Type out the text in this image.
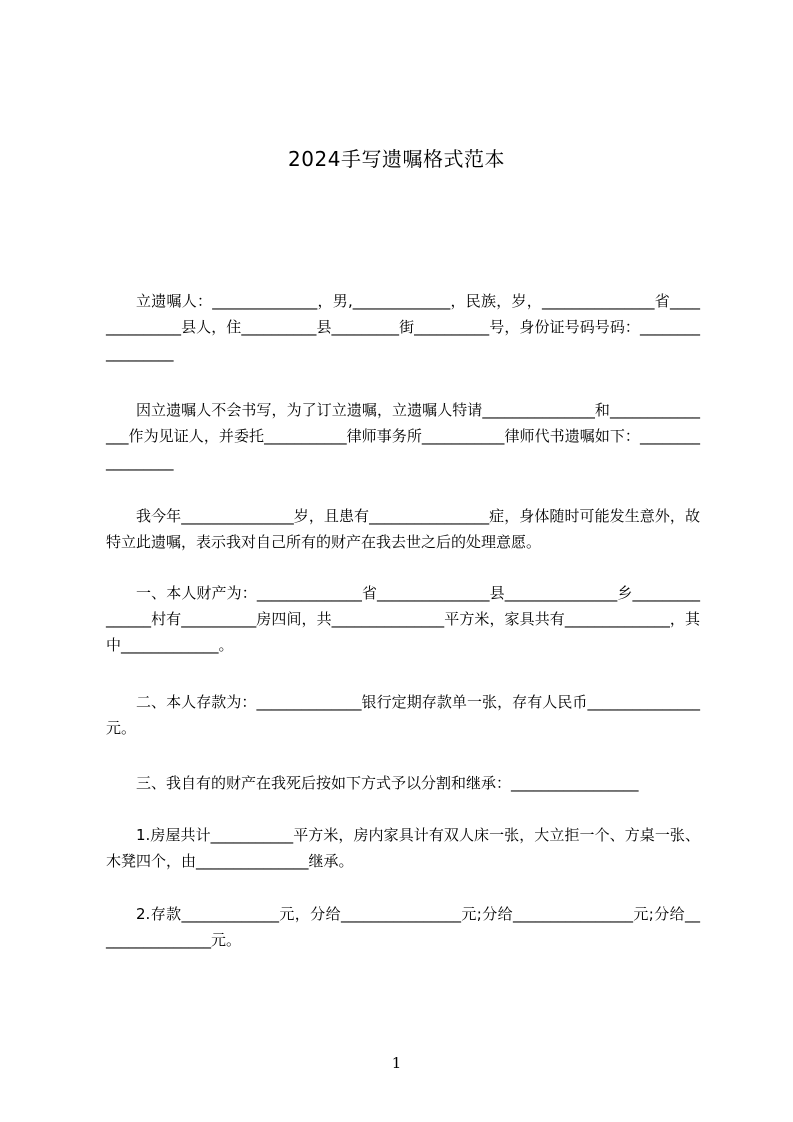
2024手写遗嘱格式范本

立遗嘱人：______________，男,_____________，民族，岁，_______________省______________县人，住__________县_________街__________号，身份证号码号码：_________________

因立遗嘱人不会书写，为了订立遗嘱，立遗嘱人特请_______________和_______________作为见证人，并委托___________律师事务所___________律师代书遗嘱如下：_________________

我今年_______________岁，且患有________________症，身体随时可能发生意外，故特立此遗嘱，表示我对自己所有的财产在我去世之后的处理意愿。

一、本人财产为：______________省_______________县_______________乡_______________村有__________房四间，共_______________平方米，家具共有______________，其中_____________。

二、本人存款为：______________银行定期存款单一张，存有人民币_______________元。

三、我自有的财产在我死后按如下方式予以分割和继承：_________________

1.房屋共计___________平方米，房内家具计有双人床一张，大立拒一个、方桌一张、木凳四个，由_______________继承。

2.存款_____________元，分给________________元;分给________________元;分给________________元。

1
